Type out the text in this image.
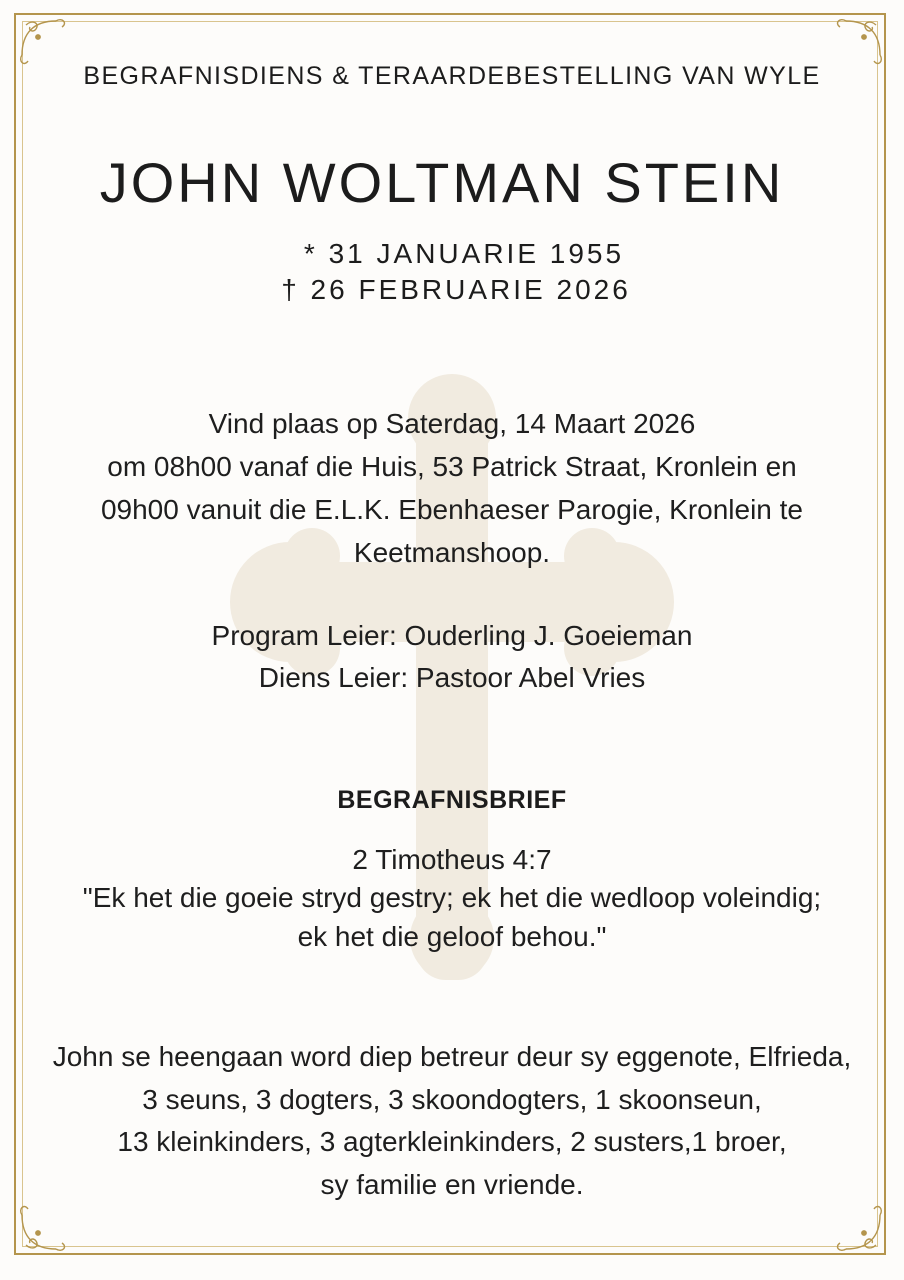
BEGRAFNISDIENS & TERAARDEBESTELLING VAN WYLE
JOHN WOLTMAN STEIN
* 31 JANUARIE 1955
† 26 FEBRUARIE 2026
Vind plaas op Saterdag, 14 Maart 2026
om 08h00 vanaf die Huis, 53 Patrick Straat, Kronlein en
09h00 vanuit die E.L.K. Ebenhaeser Parogie, Kronlein te
Keetmanshoop.
Program Leier: Ouderling J. Goeieman
Diens Leier: Pastoor Abel Vries
BEGRAFNISBRIEF
2 Timotheus 4:7
"Ek het die goeie stryd gestry; ek het die wedloop voleindig;
ek het die geloof behou."
John se heengaan word diep betreur deur sy eggenote, Elfrieda,
3 seuns, 3 dogters, 3 skoondogters, 1 skoonseun,
13 kleinkinders, 3 agterkleinkinders, 2 susters,1 broer,
sy familie en vriende.
